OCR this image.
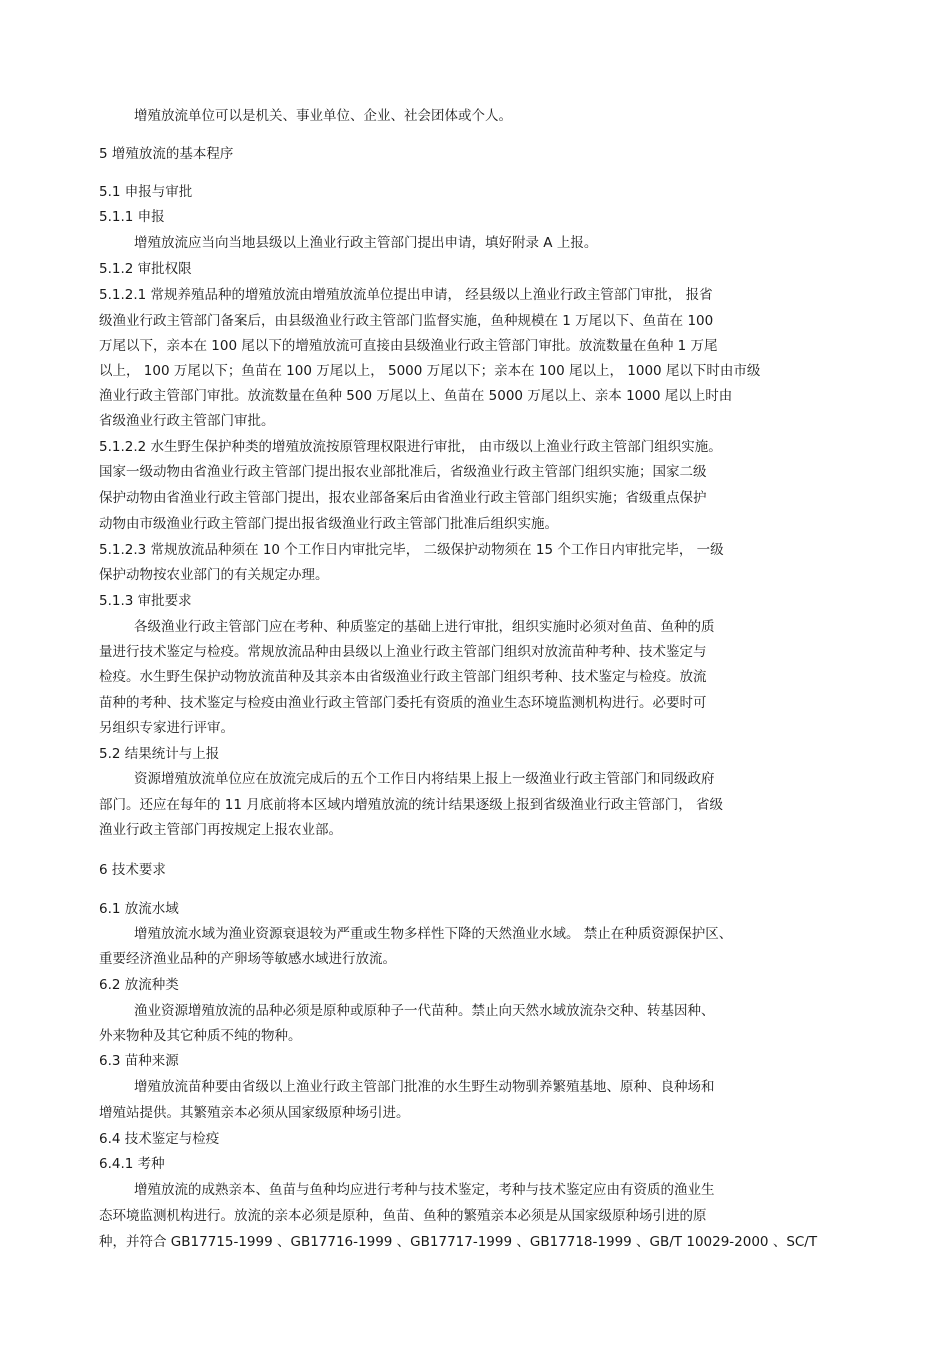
增殖放流单位可以是机关、事业单位、企业、社会团体或个人。
5 增殖放流的基本程序
5.1 申报与审批
5.1.1 申报
增殖放流应当向当地县级以上渔业行政主管部门提出申请，填好附录 A 上报。
5.1.2 审批权限
5.1.2.1 常规养殖品种的增殖放流由增殖放流单位提出申请， 经县级以上渔业行政主管部门审批， 报省
级渔业行政主管部门备案后，由县级渔业行政主管部门监督实施，鱼种规模在 1 万尾以下、鱼苗在 100
万尾以下，亲本在 100 尾以下的增殖放流可直接由县级渔业行政主管部门审批。放流数量在鱼种 1 万尾
以上， 100 万尾以下；鱼苗在 100 万尾以上， 5000 万尾以下；亲本在 100 尾以上， 1000 尾以下时由市级
渔业行政主管部门审批。放流数量在鱼种 500 万尾以上、鱼苗在 5000 万尾以上、亲本 1000 尾以上时由
省级渔业行政主管部门审批。
5.1.2.2 水生野生保护种类的增殖放流按原管理权限进行审批， 由市级以上渔业行政主管部门组织实施。
国家一级动物由省渔业行政主管部门提出报农业部批准后，省级渔业行政主管部门组织实施；国家二级
保护动物由省渔业行政主管部门提出，报农业部备案后由省渔业行政主管部门组织实施；省级重点保护
动物由市级渔业行政主管部门提出报省级渔业行政主管部门批准后组织实施。
5.1.2.3 常规放流品种须在 10 个工作日内审批完毕， 二级保护动物须在 15 个工作日内审批完毕， 一级
保护动物按农业部门的有关规定办理。
5.1.3 审批要求
各级渔业行政主管部门应在考种、种质鉴定的基础上进行审批，组织实施时必须对鱼苗、鱼种的质
量进行技术鉴定与检疫。常规放流品种由县级以上渔业行政主管部门组织对放流苗种考种、技术鉴定与
检疫。水生野生保护动物放流苗种及其亲本由省级渔业行政主管部门组织考种、技术鉴定与检疫。放流
苗种的考种、技术鉴定与检疫由渔业行政主管部门委托有资质的渔业生态环境监测机构进行。必要时可
另组织专家进行评审。
5.2 结果统计与上报
资源增殖放流单位应在放流完成后的五个工作日内将结果上报上一级渔业行政主管部门和同级政府
部门。还应在每年的 11 月底前将本区域内增殖放流的统计结果逐级上报到省级渔业行政主管部门， 省级
渔业行政主管部门再按规定上报农业部。
6 技术要求
6.1 放流水域
增殖放流水域为渔业资源衰退较为严重或生物多样性下降的天然渔业水域。 禁止在种质资源保护区、
重要经济渔业品种的产卵场等敏感水域进行放流。
6.2 放流种类
渔业资源增殖放流的品种必须是原种或原种子一代苗种。禁止向天然水域放流杂交种、转基因种、
外来物种及其它种质不纯的物种。
6.3 苗种来源
增殖放流苗种要由省级以上渔业行政主管部门批准的水生野生动物驯养繁殖基地、原种、良种场和
增殖站提供。其繁殖亲本必须从国家级原种场引进。
6.4 技术鉴定与检疫
6.4.1 考种
增殖放流的成熟亲本、鱼苗与鱼种均应进行考种与技术鉴定，考种与技术鉴定应由有资质的渔业生
态环境监测机构进行。放流的亲本必须是原种，鱼苗、鱼种的繁殖亲本必须是从国家级原种场引进的原
种，并符合 GB17715-1999 、GB17716-1999 、GB17717-1999 、GB17718-1999 、GB/T 10029-2000 、SC/T
